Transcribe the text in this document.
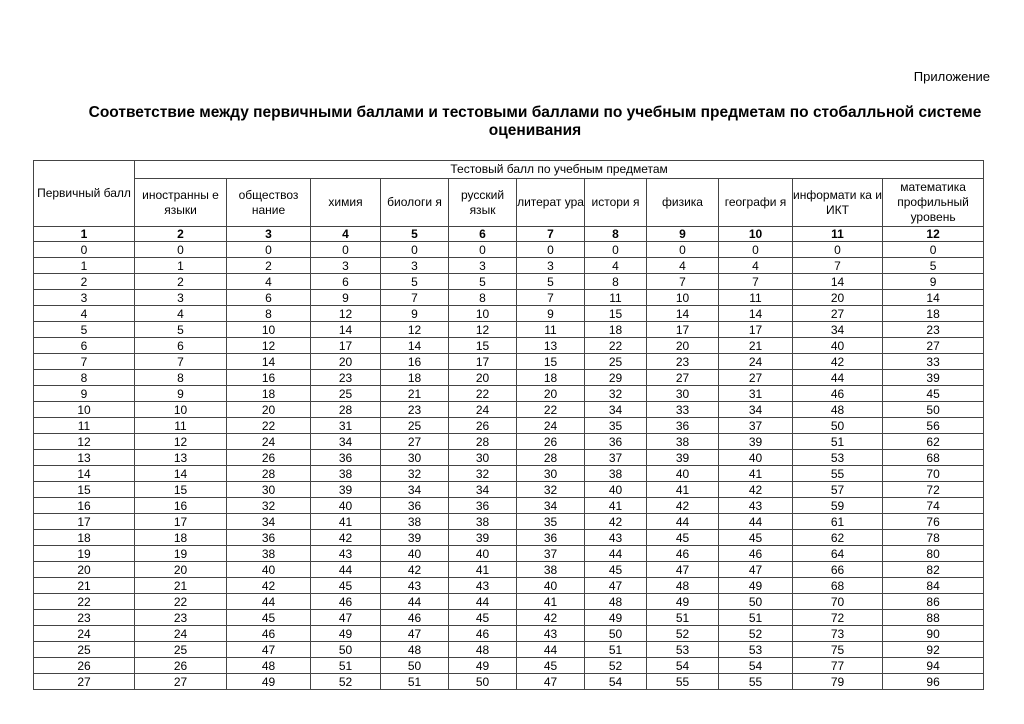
Приложение
Соответствие между первичными баллами и тестовыми баллами по учебным предметам по стобалльной системе оценивания
Первичный балл	Тестовый балл по учебным предметам										
	иностранны е языки	обществоз нание	химия	биологи я	русский язык	литерат ура	истори я	физика	географи я	информати ка и ИКТ	математика профильный уровень
1	2	3	4	5	6	7	8	9	10	11	12
0	0	0	0	0	0	0	0	0	0	0	0
1	1	2	3	3	3	3	4	4	4	7	5
2	2	4	6	5	5	5	8	7	7	14	9
3	3	6	9	7	8	7	11	10	11	20	14
4	4	8	12	9	10	9	15	14	14	27	18
5	5	10	14	12	12	11	18	17	17	34	23
6	6	12	17	14	15	13	22	20	21	40	27
7	7	14	20	16	17	15	25	23	24	42	33
8	8	16	23	18	20	18	29	27	27	44	39
9	9	18	25	21	22	20	32	30	31	46	45
10	10	20	28	23	24	22	34	33	34	48	50
11	11	22	31	25	26	24	35	36	37	50	56
12	12	24	34	27	28	26	36	38	39	51	62
13	13	26	36	30	30	28	37	39	40	53	68
14	14	28	38	32	32	30	38	40	41	55	70
15	15	30	39	34	34	32	40	41	42	57	72
16	16	32	40	36	36	34	41	42	43	59	74
17	17	34	41	38	38	35	42	44	44	61	76
18	18	36	42	39	39	36	43	45	45	62	78
19	19	38	43	40	40	37	44	46	46	64	80
20	20	40	44	42	41	38	45	47	47	66	82
21	21	42	45	43	43	40	47	48	49	68	84
22	22	44	46	44	44	41	48	49	50	70	86
23	23	45	47	46	45	42	49	51	51	72	88
24	24	46	49	47	46	43	50	52	52	73	90
25	25	47	50	48	48	44	51	53	53	75	92
26	26	48	51	50	49	45	52	54	54	77	94
27	27	49	52	51	50	47	54	55	55	79	96
